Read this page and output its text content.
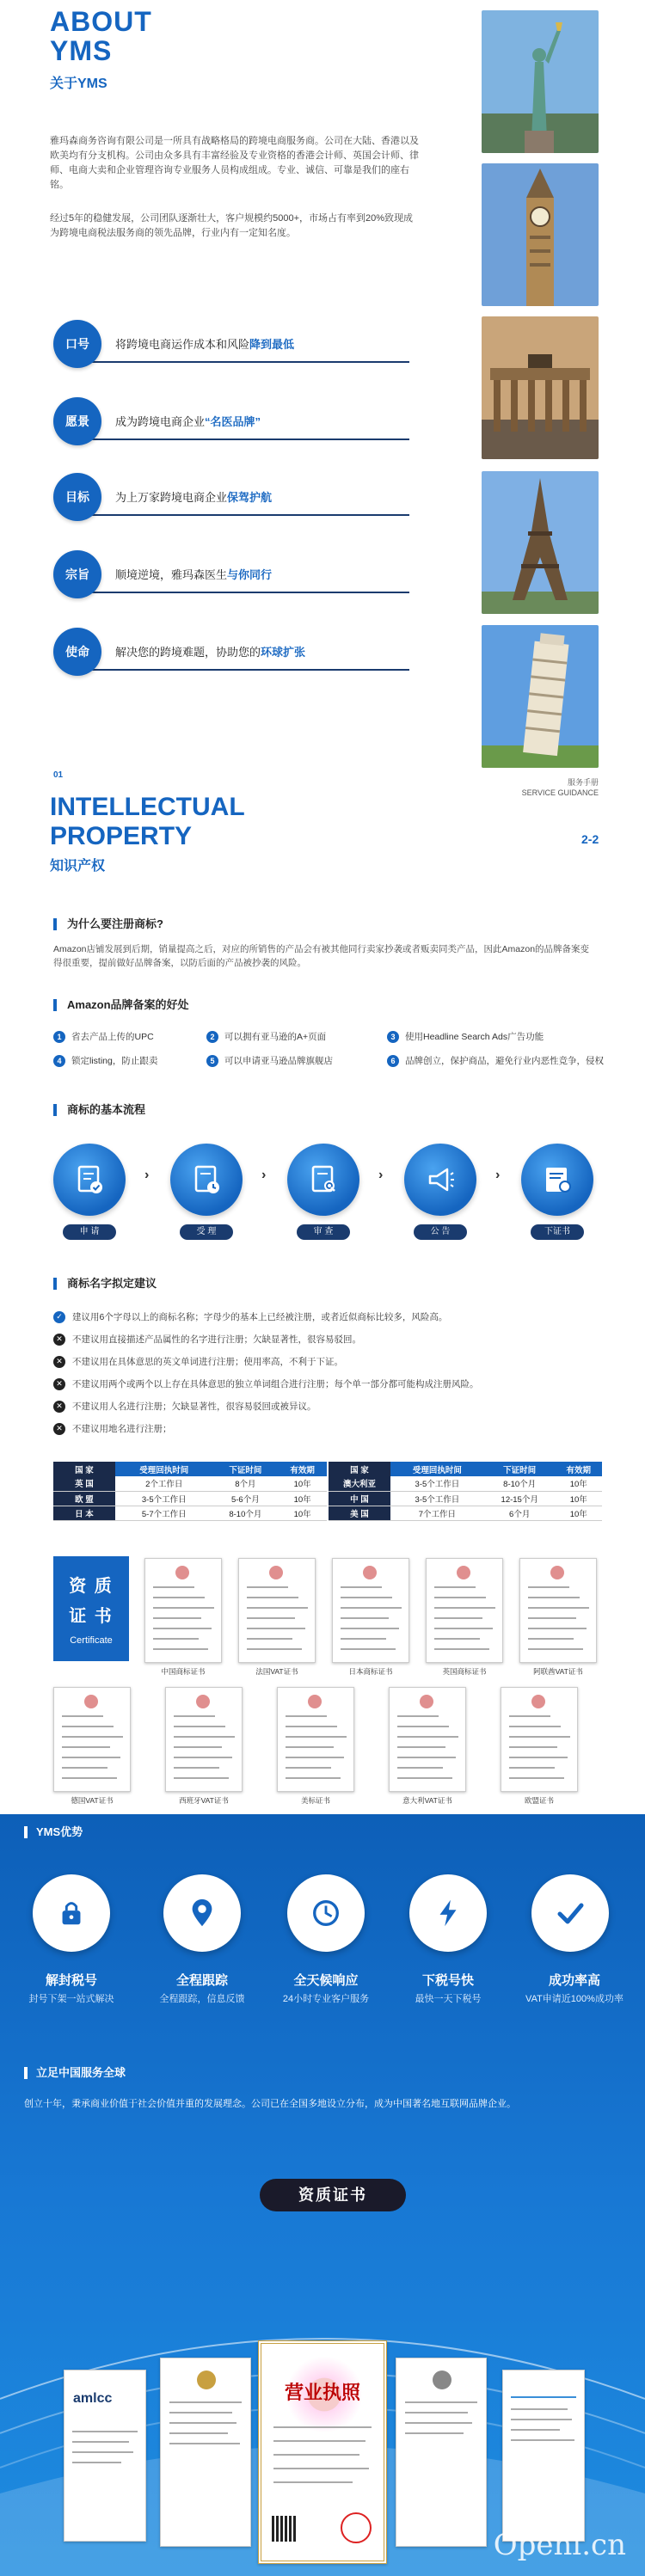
ABOUT
YMS
关于YMS
雅玛森商务咨询有限公司是一所具有战略格局的跨境电商服务商。公司在大陆、香港以及欧美均有分支机构。公司由众多具有丰富经验及专业资格的香港会计师、英国会计师、律师、电商大卖和企业管理咨询专业服务人员构成组成。专业、诚信、可靠是我们的座右铭。
经过5年的稳健发展，公司团队逐渐壮大，客户规模约5000+，市场占有率到20%致现成为跨境电商税法服务商的领先品牌，行业内有一定知名度。
口号	将跨境电商运作成本和风险降到最低
愿景	成为跨境电商企业“名医品牌”
目标	为上万家跨境电商企业保驾护航
宗旨	顺境逆境，雅玛森医生与你同行
使命	解决您的跨境难题，协助您的环球扩张
服务手册
SERVICE GUIDANCE
01
INTELLECTUAL
PROPERTY
知识产权
2-2
为什么要注册商标?
Amazon店铺发展到后期，销量提高之后，对应的所销售的产品会有被其他同行卖家抄袭或者贩卖同类产品，因此Amazon的品牌备案变得很重要，提前做好品牌备案，以防后面的产品被抄袭的风险。
Amazon品牌备案的好处
1	省去产品上传的UPC	2	可以拥有亚马逊的A+页面	3	使用Headline Search Ads广告功能
4	锁定listing，防止跟卖	5	可以申请亚马逊品牌旗舰店	6	品牌创立，保护商品，避免行业内恶性竞争，侵权
商标的基本流程
申 请
›
受 理
›
审 查
›
公 告
›
下证书
商标名字拟定建议
✓	建议用6个字母以上的商标名称；字母少的基本上已经被注册，或者近似商标比较多，风险高。
✕	不建议用直接描述产品属性的名字进行注册；欠缺显著性，很容易驳回。
✕	不建议用在具体意思的英文单词进行注册；使用率高，不利于下证。
✕	不建议用两个或两个以上存在具体意思的独立单词组合进行注册；每个单一部分都可能构成注册风险。
✕	不建议用人名进行注册；欠缺显著性，很容易驳回或被异议。
✕	不建议用地名进行注册；
国 家	受理回执时间	下证时间	有效期
英 国	2个工作日	8个月	10年
欧 盟	3-5个工作日	5-6个月	10年
日 本	5-7个工作日	8-10个月	10年
国 家	受理回执时间	下证时间	有效期
澳大利亚	3-5个工作日	8-10个月	10年
中 国	3-5个工作日	12-15个月	10年
美 国	7个工作日	6个月	10年
资 质
证 书
Certificate
YMS优势
解封税号
封号下架一站式解决
全程跟踪
全程跟踪，信息反馈
全天候响应
24小时专业客户服务
下税号快
最快一天下税号
成功率高
VAT申请近100%成功率
立足中国服务全球
创立十年，秉承商业价值于社会价值并重的发展理念。公司已在全国多地设立分布，成为中国著名地互联网品牌企业。
资质证书
amlcc	营业执照
Openl.cn
中国商标证书	法国VAT证书	日本商标证书	英国商标证书	阿联酋VAT证书
德国VAT证书	西班牙VAT证书	美标证书	意大利VAT证书	欧盟证书
